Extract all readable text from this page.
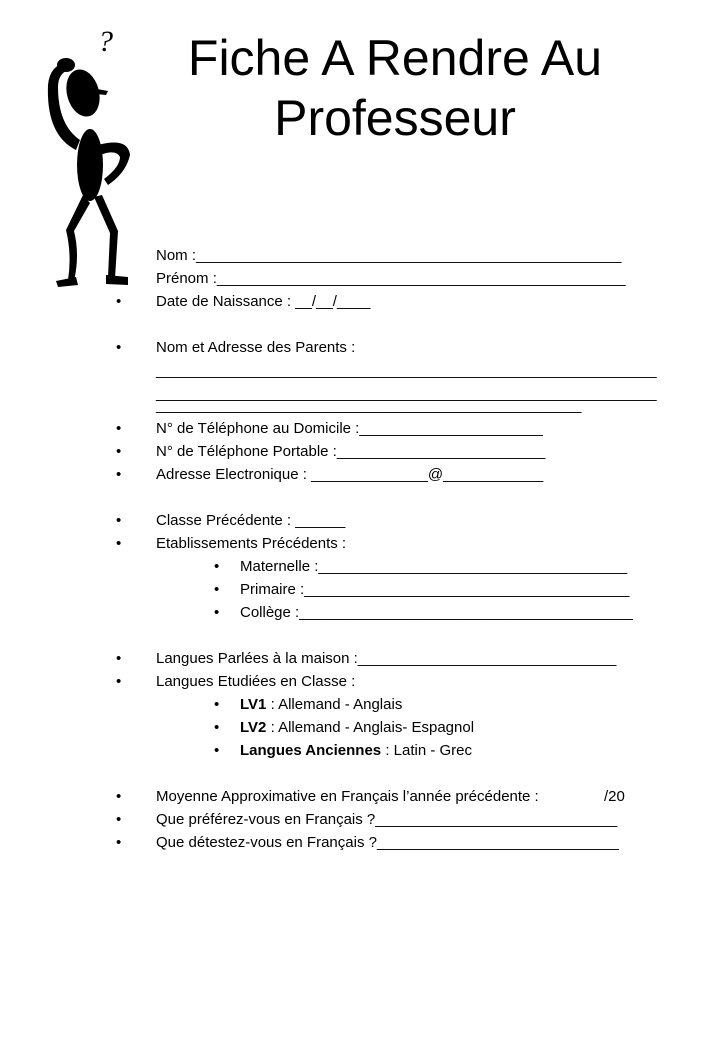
?	Fiche A Rendre Au Professeur
Nom :___________________________________________________
Prénom :_________________________________________________
• Date de Naissance : __/__/____
• Nom et Adresse des Parents :
____________________________________________________________
____________________________________________________________
___________________________________________________
• N° de Téléphone au Domicile :______________________
• N° de Téléphone Portable :_________________________
• Adresse Electronique : ______________@____________
• Classe Précédente : ______
• Etablissements Précédents :
• Maternelle :_____________________________________
• Primaire :_______________________________________
• Collège :________________________________________
• Langues Parlées à la maison :_______________________________
• Langues Etudiées en Classe :
• LV1 : Allemand - Anglais
• LV2 : Allemand - Anglais- Espagnol
• Langues Anciennes : Latin - Grec
• Moyenne Approximative en Français l’année précédente :	/20
• Que préférez-vous en Français ?_____________________________
• Que détestez-vous en Français ?_____________________________
